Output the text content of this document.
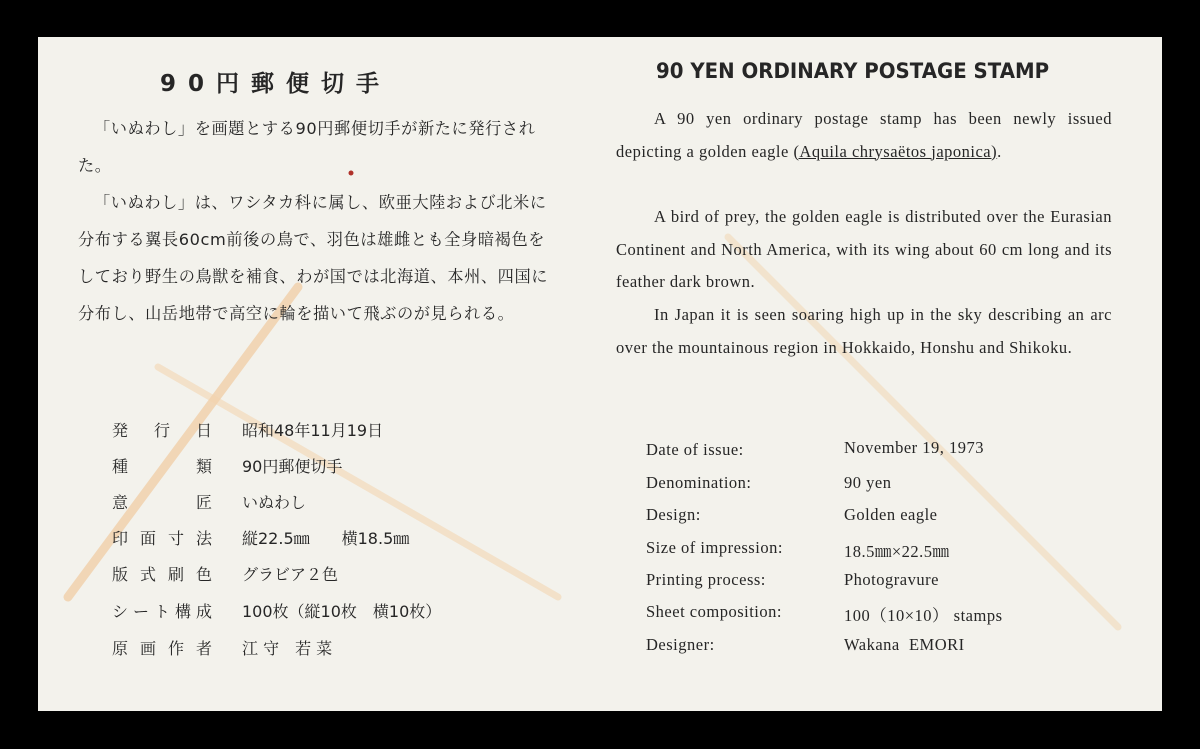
90円郵便切手
「いぬわし」を画題とする90円郵便切手が新たに発行された。
「いぬわし」は、ワシタカ科に属し、欧亜大陸および北米に分布する翼長60cm前後の鳥で、羽色は雄雌とも全身暗褐色をしており野生の鳥獣を補食、わが国では北海道、本州、四国に分布し、山岳地帯で高空に輪を描いて飛ぶのが見られる。
発行日 昭和48年11月19日
種類 90円郵便切手
意匠 いぬわし
印面寸法 縦22.5㎜　　横18.5㎜
版式刷色 グラビア２色
シート構成 100枚（縦10枚　横10枚）
原画作者 江 守　若 菜
90 YEN ORDINARY POSTAGE STAMP
A 90 yen ordinary postage stamp has been newly issued depicting a golden eagle (Aquila chrysaëtos japonica).
A bird of prey, the golden eagle is distributed over the Eurasian Continent and North America, with its wing about 60 cm long and its feather dark brown.
In Japan it is seen soaring high up in the sky describing an arc over the mountainous region in Hokkaido, Honshu and Shikoku.
Date of issue:	November 19, 1973
Denomination:	90 yen
Design:	Golden eagle
Size of impression:	18.5㎜×22.5㎜
Printing process:	Photogravure
Sheet composition:	100（10×10） stamps
Designer:	Wakana  EMORI
